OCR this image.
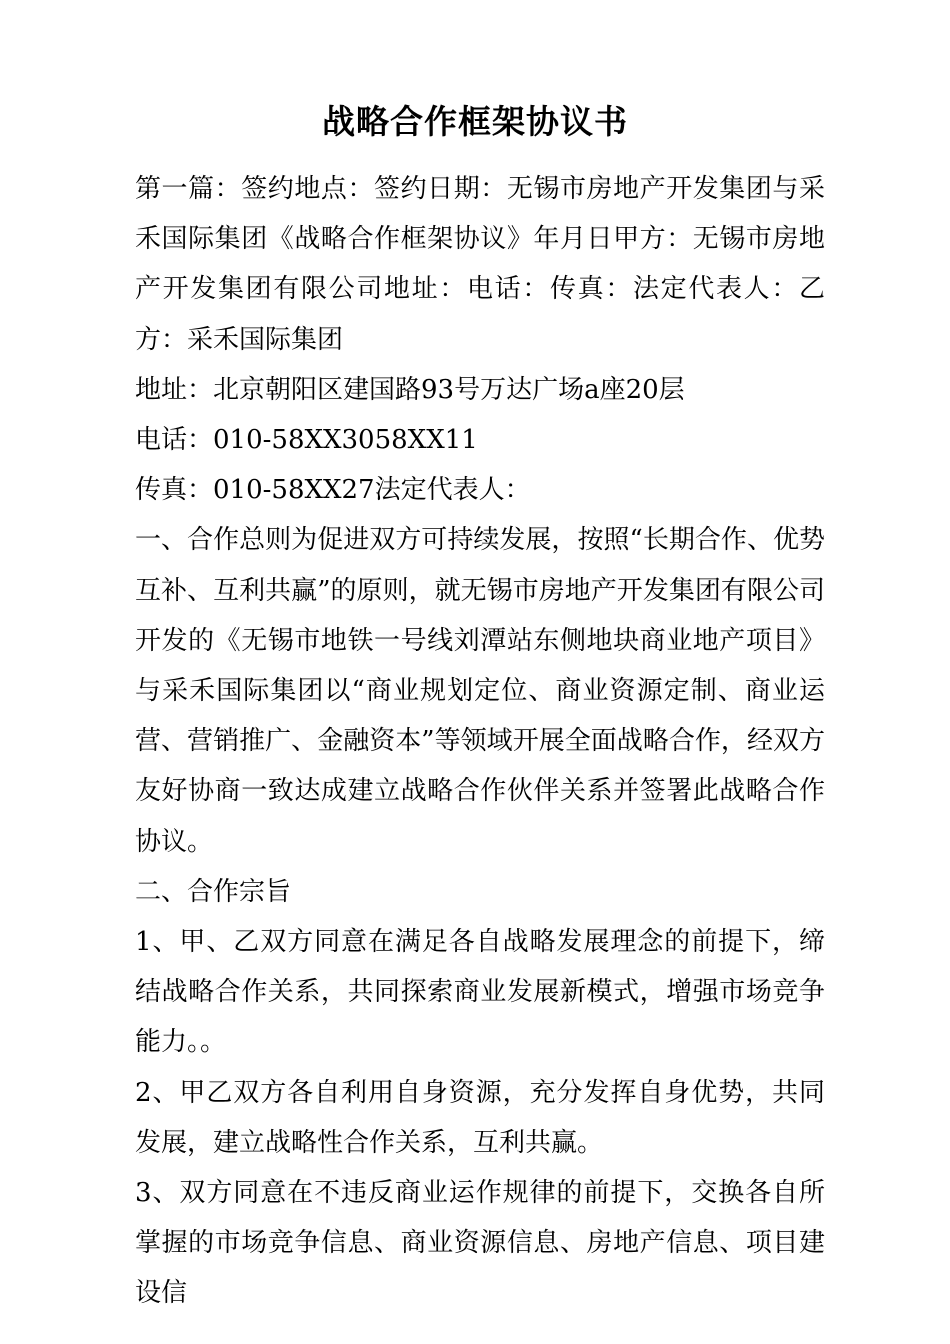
战略合作框架协议书

第一篇：签约地点：签约日期：无锡市房地产开发集团与采禾国际集团《战略合作框架协议》年月日甲方：无锡市房地产开发集团有限公司地址：电话：传真：法定代表人：乙方：采禾国际集团

地址：北京朝阳区建国路93号万达广场a座20层

电话：010-58XX3058XX11

传真：010-58XX27法定代表人：

一、合作总则为促进双方可持续发展，按照“长期合作、优势互补、互利共赢”的原则，就无锡市房地产开发集团有限公司开发的《无锡市地铁一号线刘潭站东侧地块商业地产项目》与采禾国际集团以“商业规划定位、商业资源定制、商业运营、营销推广、金融资本”等领域开展全面战略合作，经双方友好协商一致达成建立战略合作伙伴关系并签署此战略合作协议。

二、合作宗旨

1、甲、乙双方同意在满足各自战略发展理念的前提下，缔结战略合作关系，共同探索商业发展新模式，增强市场竞争能力。。

2、甲乙双方各自利用自身资源，充分发挥自身优势，共同发展，建立战略性合作关系，互利共赢。

3、双方同意在不违反商业运作规律的前提下，交换各自所掌握的市场竞争信息、商业资源信息、房地产信息、项目建设信
